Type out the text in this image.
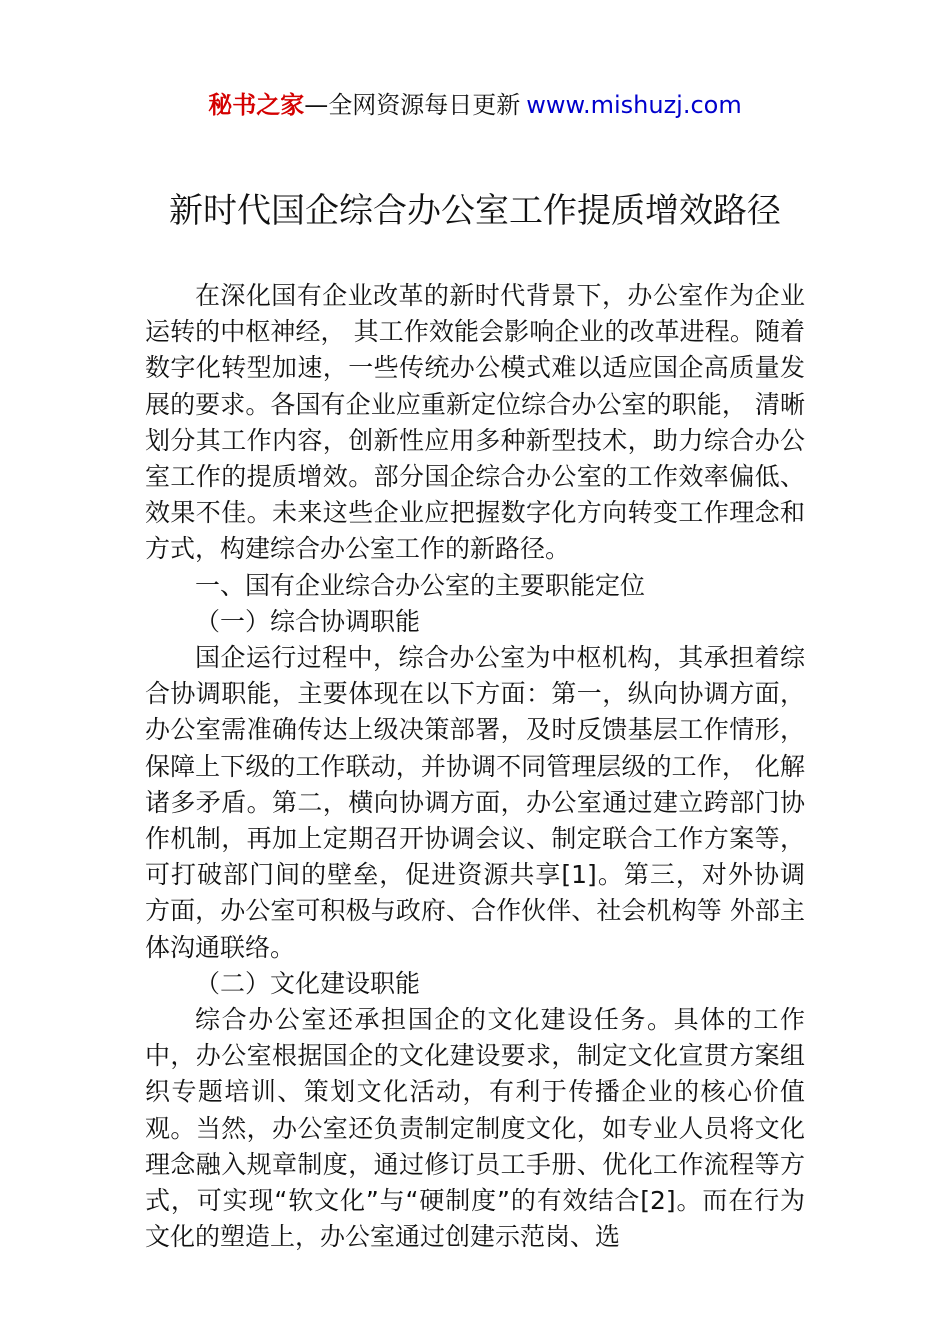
秘书之家—全网资源每日更新 www.mishuzj.com
新时代国企综合办公室工作提质增效路径

在深化国有企业改革的新时代背景下，办公室作为企业运转的中枢神经， 其工作效能会影响企业的改革进程。随着数字化转型加速，一些传统办公模式难以适应国企高质量发展的要求。各国有企业应重新定位综合办公室的职能， 清晰划分其工作内容，创新性应用多种新型技术，助力综合办公室工作的提质增效。部分国企综合办公室的工作效率偏低、效果不佳。未来这些企业应把握数字化方向转变工作理念和方式，构建综合办公室工作的新路径。

一、国有企业综合办公室的主要职能定位

（一）综合协调职能

国企运行过程中，综合办公室为中枢机构，其承担着综合协调职能，主要体现在以下方面：第一，纵向协调方面，办公室需准确传达上级决策部署，及时反馈基层工作情形，保障上下级的工作联动，并协调不同管理层级的工作， 化解诸多矛盾。第二，横向协调方面，办公室通过建立跨部门协作机制，再加上定期召开协调会议、制定联合工作方案等，可打破部门间的壁垒，促进资源共享[1]。第三，对外协调方面，办公室可积极与政府、合作伙伴、社会机构等 外部主体沟通联络。

（二）文化建设职能

综合办公室还承担国企的文化建设任务。具体的工作中，办公室根据国企的文化建设要求，制定文化宣贯方案组织专题培训、策划文化活动，有利于传播企业的核心价值观。当然，办公室还负责制定制度文化，如专业人员将文化理念融入规章制度，通过修订员工手册、优化工作流程等方式，可实现“软文化”与“硬制度”的有效结合[2]。而在行为文化的塑造上，办公室通过创建示范岗、选
